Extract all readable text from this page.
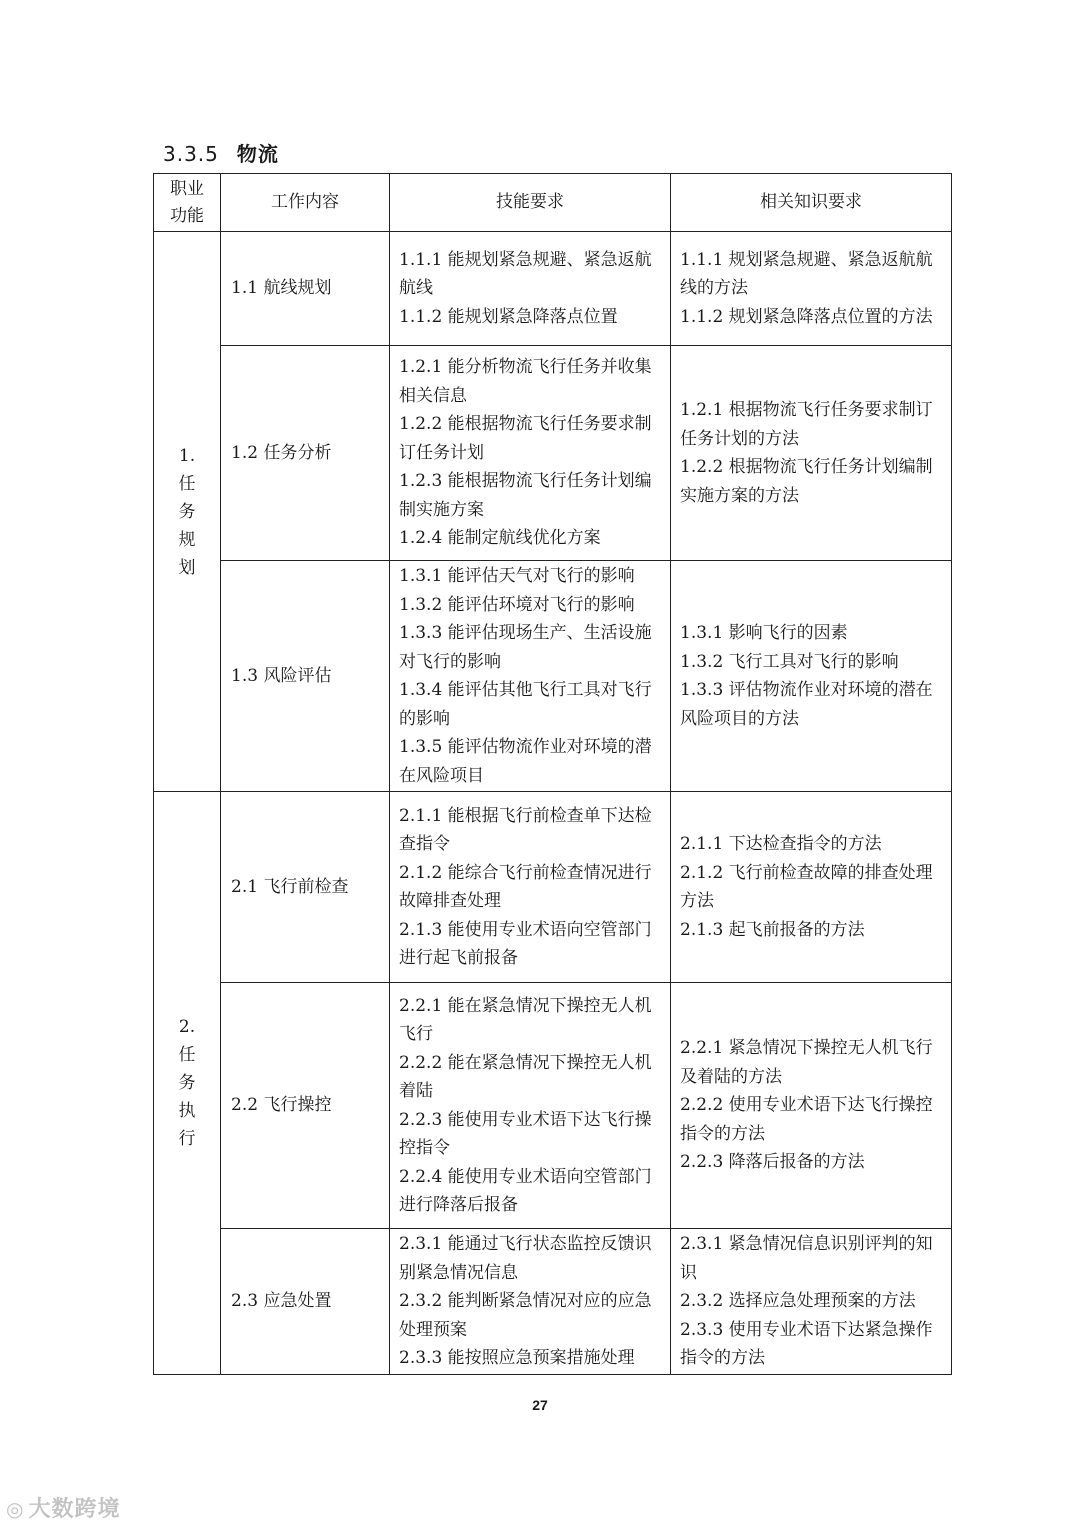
3.3.5 物流
职业功能	工作内容	技能要求	相关知识要求

1.
任
务
规
划	1.1 航线规划	1.1.1 能规划紧急规避、紧急返航航线
1.1.2 能规划紧急降落点位置	1.1.1 规划紧急规避、紧急返航航线的方法
1.1.2 规划紧急降落点位置的方法

	1.2 任务分析	1.2.1 能分析物流飞行任务并收集相关信息
1.2.2 能根据物流飞行任务要求制订任务计划
1.2.3 能根据物流飞行任务计划编制实施方案
1.2.4 能制定航线优化方案	1.2.1 根据物流飞行任务要求制订任务计划的方法
1.2.2 根据物流飞行任务计划编制实施方案的方法

	1.3 风险评估	1.3.1 能评估天气对飞行的影响
1.3.2 能评估环境对飞行的影响
1.3.3 能评估现场生产、生活设施对飞行的影响
1.3.4 能评估其他飞行工具对飞行的影响
1.3.5 能评估物流作业对环境的潜在风险项目	1.3.1 影响飞行的因素
1.3.2 飞行工具对飞行的影响
1.3.3 评估物流作业对环境的潜在风险项目的方法

2.
任
务
执
行	2.1 飞行前检查	2.1.1 能根据飞行前检查单下达检查指令
2.1.2 能综合飞行前检查情况进行故障排查处理
2.1.3 能使用专业术语向空管部门进行起飞前报备	2.1.1 下达检查指令的方法
2.1.2 飞行前检查故障的排查处理方法
2.1.3 起飞前报备的方法

	2.2 飞行操控	2.2.1 能在紧急情况下操控无人机飞行
2.2.2 能在紧急情况下操控无人机着陆
2.2.3 能使用专业术语下达飞行操控指令
2.2.4 能使用专业术语向空管部门进行降落后报备	2.2.1 紧急情况下操控无人机飞行及着陆的方法
2.2.2 使用专业术语下达飞行操控指令的方法
2.2.3 降落后报备的方法

	2.3 应急处置	2.3.1 能通过飞行状态监控反馈识别紧急情况信息
2.3.2 能判断紧急情况对应的应急处理预案
2.3.3 能按照应急预案措施处理	2.3.1 紧急情况信息识别评判的知识
2.3.2 选择应急处理预案的方法
2.3.3 使用专业术语下达紧急操作指令的方法
27
◎ 大数跨境
